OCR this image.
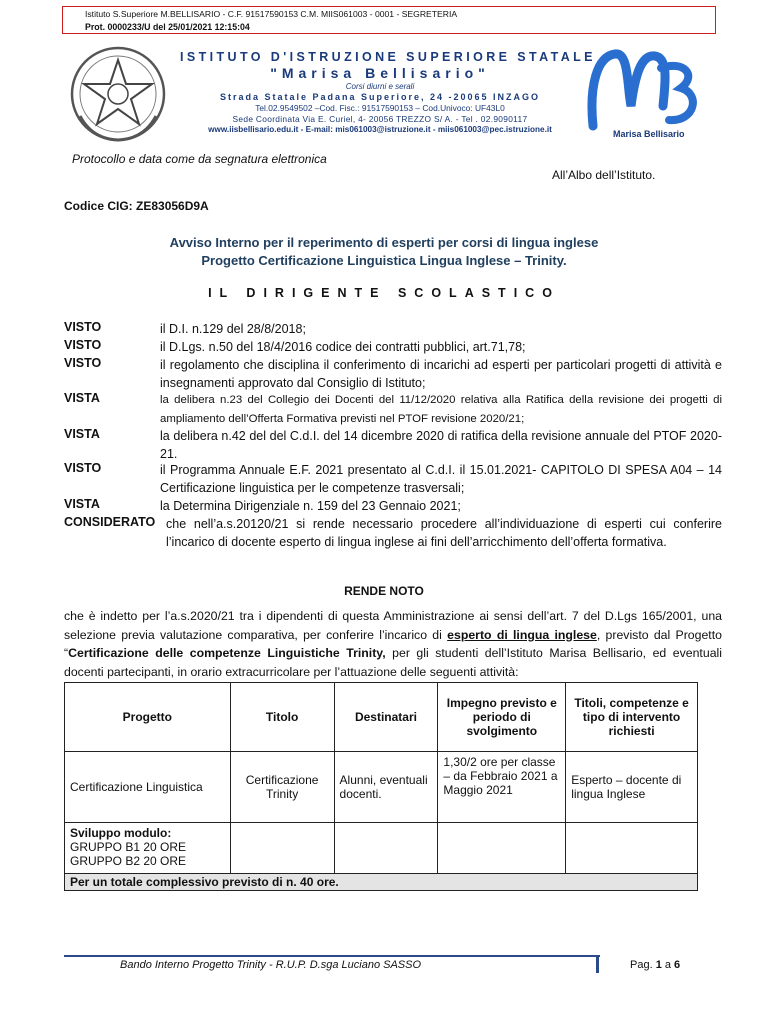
Istituto S.Superiore M.BELLISARIO - C.F. 91517590153 C.M. MIIS061003 - 0001 - SEGRETERIA
Prot. 0000233/U del 25/01/2021 12:15:04
ISTITUTO D'ISTRUZIONE SUPERIORE STATALE
"Marisa Bellisario"
Corsi diurni e serali
Strada Statale Padana Superiore, 24 -20065 INZAGO
Tel.02.9549502 –Cod. Fisc.: 91517590153 – Cod.Univoco: UF43L0
Sede Coordinata Via E. Curiel, 4- 20056 TREZZO S/ A. - Tel . 02.9090117
www.iisbellisario.edu.it - E-mail: mis061003@istruzione.it - miis061003@pec.istruzione.it	Marisa Bellisario
Protocollo e data come da segnatura elettronica
All’Albo dell’Istituto.
Codice CIG: ZE83056D9A
Avviso Interno per il reperimento di esperti per corsi di lingua inglese
Progetto Certificazione Linguistica Lingua Inglese – Trinity.
IL DIRIGENTE SCOLASTICO
VISTO	il D.I. n.129 del 28/8/2018;
VISTO	il D.Lgs. n.50 del 18/4/2016 codice dei contratti pubblici, art.71,78;
VISTO	il regolamento che disciplina il conferimento di incarichi ad esperti per particolari progetti di attività e insegnamenti approvato dal Consiglio di Istituto;
VISTA	la delibera n.23 del Collegio dei Docenti del 11/12/2020 relativa alla Ratifica della revisione dei progetti di ampliamento dell’Offerta Formativa previsti nel PTOF revisione 2020/21;
VISTA	la delibera n.42 del del C.d.I. del 14 dicembre 2020 di ratifica della revisione annuale del PTOF 2020-21.
VISTO	il Programma Annuale E.F. 2021 presentato al C.d.I. il 15.01.2021- CAPITOLO DI SPESA A04 – 14 Certificazione linguistica per le competenze trasversali;
VISTA	la Determina Dirigenziale n. 159 del 23 Gennaio 2021;
CONSIDERATO che nell’a.s.20120/21 si rende necessario procedere all’individuazione di esperti cui conferire l’incarico di docente esperto di lingua inglese ai fini dell’arricchimento dell’offerta formativa.
RENDE NOTO
che è indetto per l’a.s.2020/21 tra i dipendenti di questa Amministrazione ai sensi dell’art. 7 del D.Lgs 165/2001, una selezione previa valutazione comparativa, per conferire l’incarico di esperto di lingua inglese, previsto dal Progetto “Certificazione delle competenze Linguistiche Trinity, per gli studenti dell’Istituto Marisa Bellisario, ed eventuali docenti partecipanti, in orario extracurricolare per l’attuazione delle seguenti attività:
Progetto	Titolo	Destinatari	Impegno previsto e periodo di svolgimento	Titoli, competenze e tipo di intervento richiesti
Certificazione Linguistica	Certificazione Trinity	Alunni, eventuali docenti.	1,30/2 ore per classe – da Febbraio 2021 a Maggio 2021	Esperto – docente di lingua Inglese

Sviluppo modulo:
GRUPPO B1 20 ORE
GRUPPO B2 20 ORE				

Per un totale complessivo previsto di n. 40 ore.				
Bando Interno Progetto Trinity - R.U.P. D.sga Luciano SASSO	Pag. 1 a 6
